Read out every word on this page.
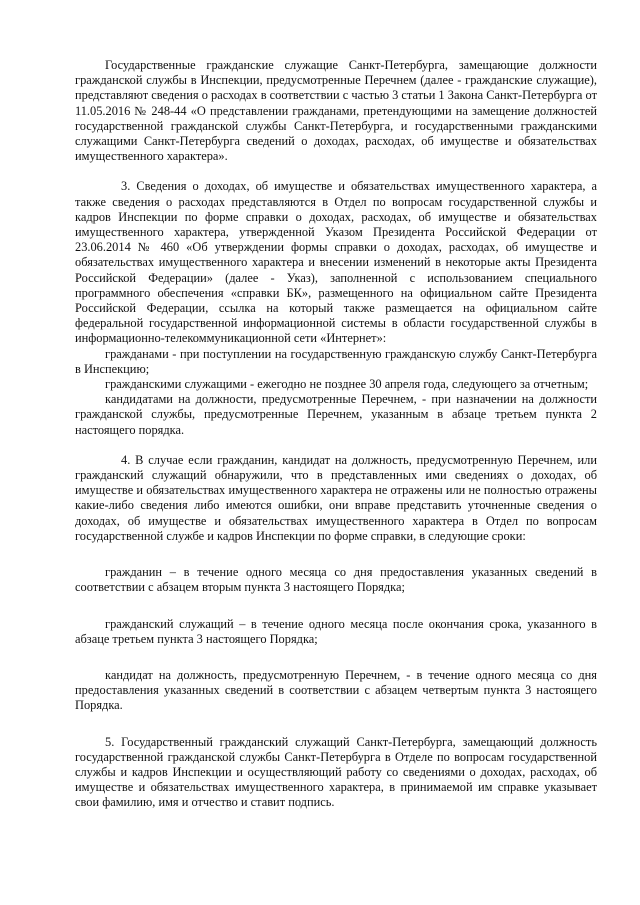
Государственные гражданские служащие Санкт-Петербурга, замещающие должности гражданской службы в Инспекции, предусмотренные Перечнем (далее - гражданские служащие), представляют сведения о расходах в соответствии с частью 3 статьи 1 Закона Санкт-Петербурга от 11.05.2016 № 248-44 «О представлении гражданами, претендующими на замещение должностей государственной гражданской службы Санкт-Петербурга, и государственными гражданскими служащими Санкт-Петербурга сведений о доходах, расходах, об имуществе и обязательствах имущественного характера».

3. Сведения о доходах, об имуществе и обязательствах имущественного характера, а также сведения о расходах представляются в Отдел по вопросам государственной службы и кадров Инспекции по форме справки о доходах, расходах, об имуществе и обязательствах имущественного характера, утвержденной Указом Президента Российской Федерации от 23.06.2014 № 460 «Об утверждении формы справки о доходах, расходах, об имуществе и обязательствах имущественного характера и внесении изменений в некоторые акты Президента Российской Федерации» (далее - Указ), заполненной с использованием специального программного обеспечения «справки БК», размещенного на официальном сайте Президента Российской Федерации, ссылка на который также размещается на официальном сайте федеральной государственной информационной системы в области государственной службы в информационно-телекоммуникационной сети «Интернет»:

гражданами - при поступлении на государственную гражданскую службу Санкт-Петербурга в Инспекцию;

гражданскими служащими - ежегодно не позднее 30 апреля года, следующего за отчетным;

кандидатами на должности, предусмотренные Перечнем, - при назначении на должности гражданской службы, предусмотренные Перечнем, указанным в абзаце третьем пункта 2 настоящего порядка.

4. В случае если гражданин, кандидат на должность, предусмотренную Перечнем, или гражданский служащий обнаружили, что в представленных ими сведениях о доходах, об имуществе и обязательствах имущественного характера не отражены или не полностью отражены какие-либо сведения либо имеются ошибки, они вправе представить уточненные сведения о доходах, об имуществе и обязательствах имущественного характера в Отдел по вопросам государственной службе и кадров Инспекции по форме справки, в следующие сроки:

гражданин – в течение одного месяца со дня предоставления указанных сведений в соответствии с абзацем вторым пункта 3 настоящего Порядка;

гражданский служащий – в течение одного месяца после окончания срока, указанного в абзаце третьем пункта 3 настоящего Порядка;

кандидат на должность, предусмотренную Перечнем, - в течение одного месяца со дня предоставления указанных сведений в соответствии с абзацем четвертым пункта 3 настоящего Порядка.

5. Государственный гражданский служащий Санкт-Петербурга, замещающий должность государственной гражданской службы Санкт-Петербурга в Отделе по вопросам государственной службы и кадров Инспекции и осуществляющий работу со сведениями о доходах, расходах, об имуществе и обязательствах имущественного характера, в принимаемой им справке указывает свои фамилию, имя и отчество и ставит подпись.
